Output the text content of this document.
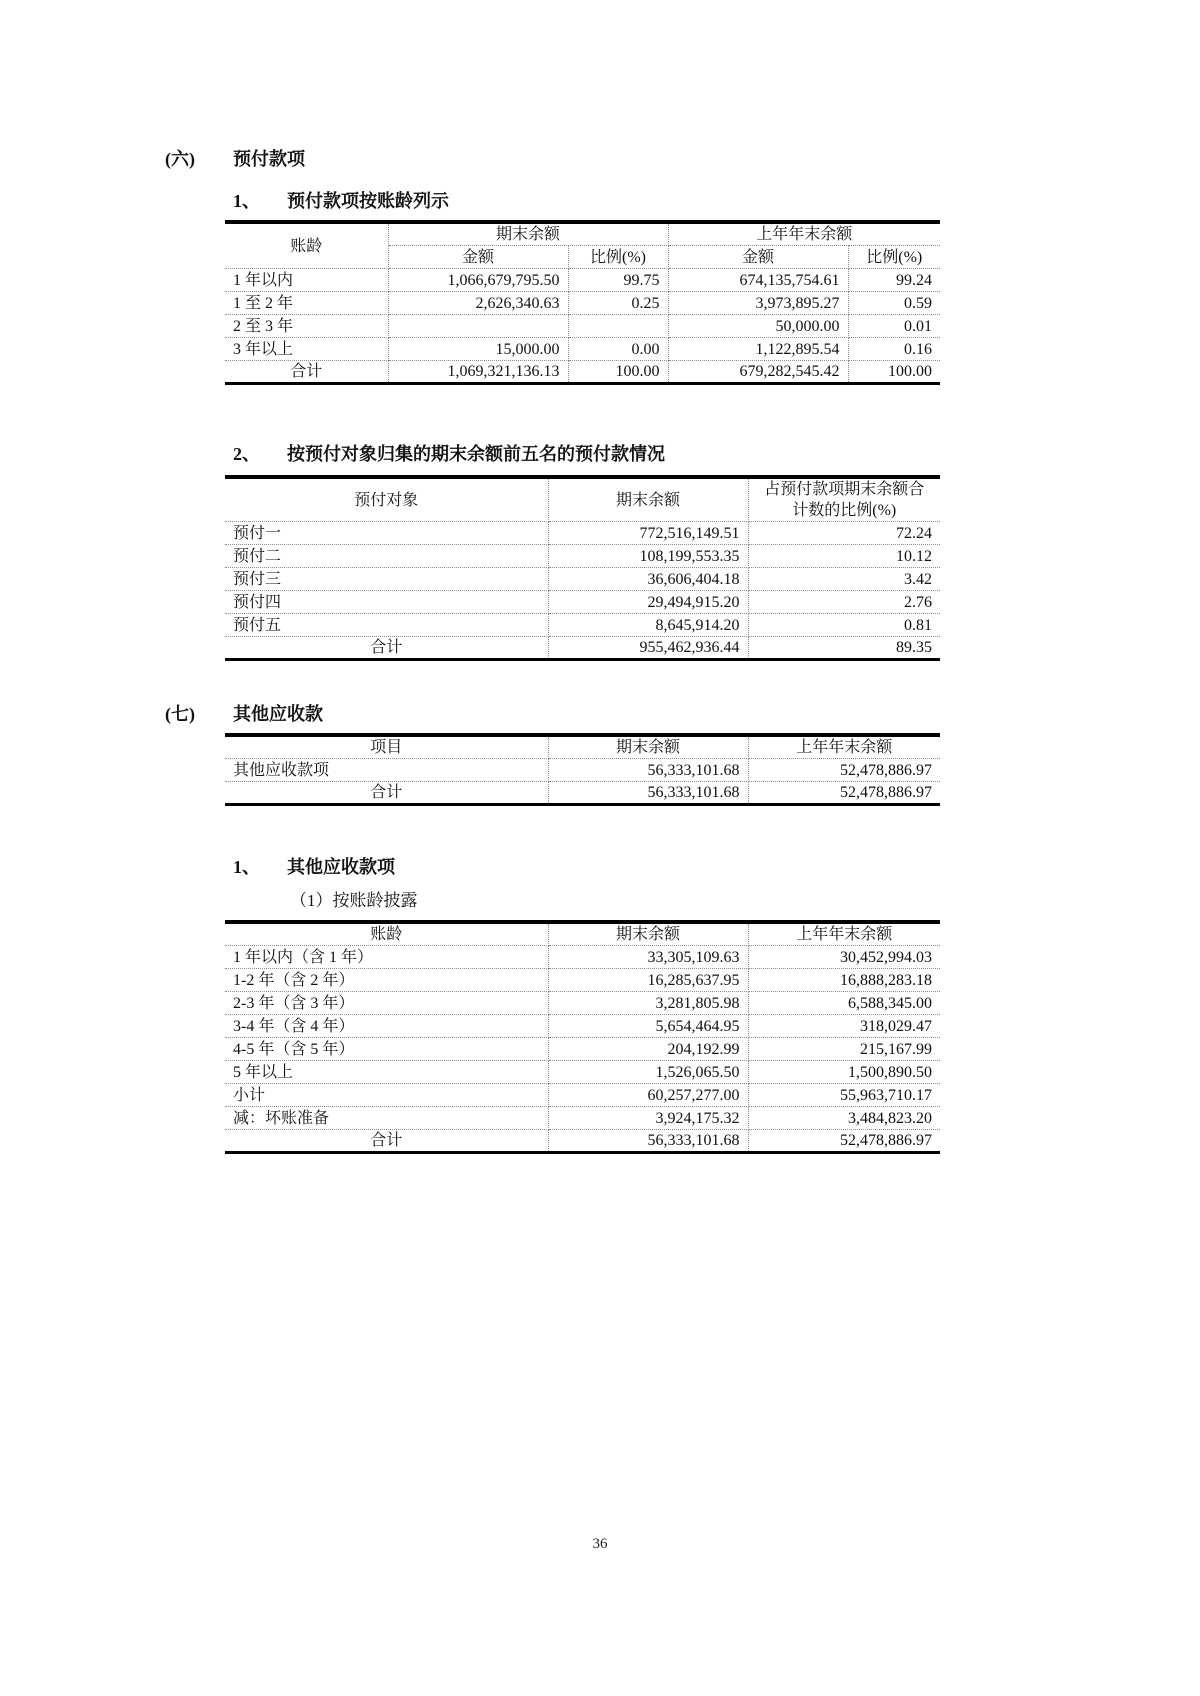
(六)	预付款项
1、	预付款项按账龄列示
账龄	期末余额		上年年末余额	
	金额	比例(%)	金额	比例(%)
1 年以内	1,066,679,795.50	99.75	674,135,754.61	99.24
1 至 2 年	2,626,340.63	0.25	3,973,895.27	0.59
2 至 3 年			50,000.00	0.01
3 年以上	15,000.00	0.00	1,122,895.54	0.16
合计	1,069,321,136.13	100.00	679,282,545.42	100.00
2、	按预付对象归集的期末余额前五名的预付款情况
预付对象	期末余额	占预付款项期末余额合
计数的比例(%)

预付一	772,516,149.51	72.24
预付二	108,199,553.35	10.12
预付三	36,606,404.18	3.42
预付四	29,494,915.20	2.76
预付五	8,645,914.20	0.81
合计	955,462,936.44	89.35
(七)	其他应收款
项目	期末余额	上年年末余额
其他应收款项	56,333,101.68	52,478,886.97
合计	56,333,101.68	52,478,886.97
1、	其他应收款项
（1）按账龄披露
账龄	期末余额	上年年末余额
1 年以内（含 1 年）	33,305,109.63	30,452,994.03
1-2 年（含 2 年）	16,285,637.95	16,888,283.18
2-3 年（含 3 年）	3,281,805.98	6,588,345.00
3-4 年（含 4 年）	5,654,464.95	318,029.47
4-5 年（含 5 年）	204,192.99	215,167.99
5 年以上	1,526,065.50	1,500,890.50
小计	60,257,277.00	55,963,710.17
减：坏账准备	3,924,175.32	3,484,823.20
合计	56,333,101.68	52,478,886.97
36
